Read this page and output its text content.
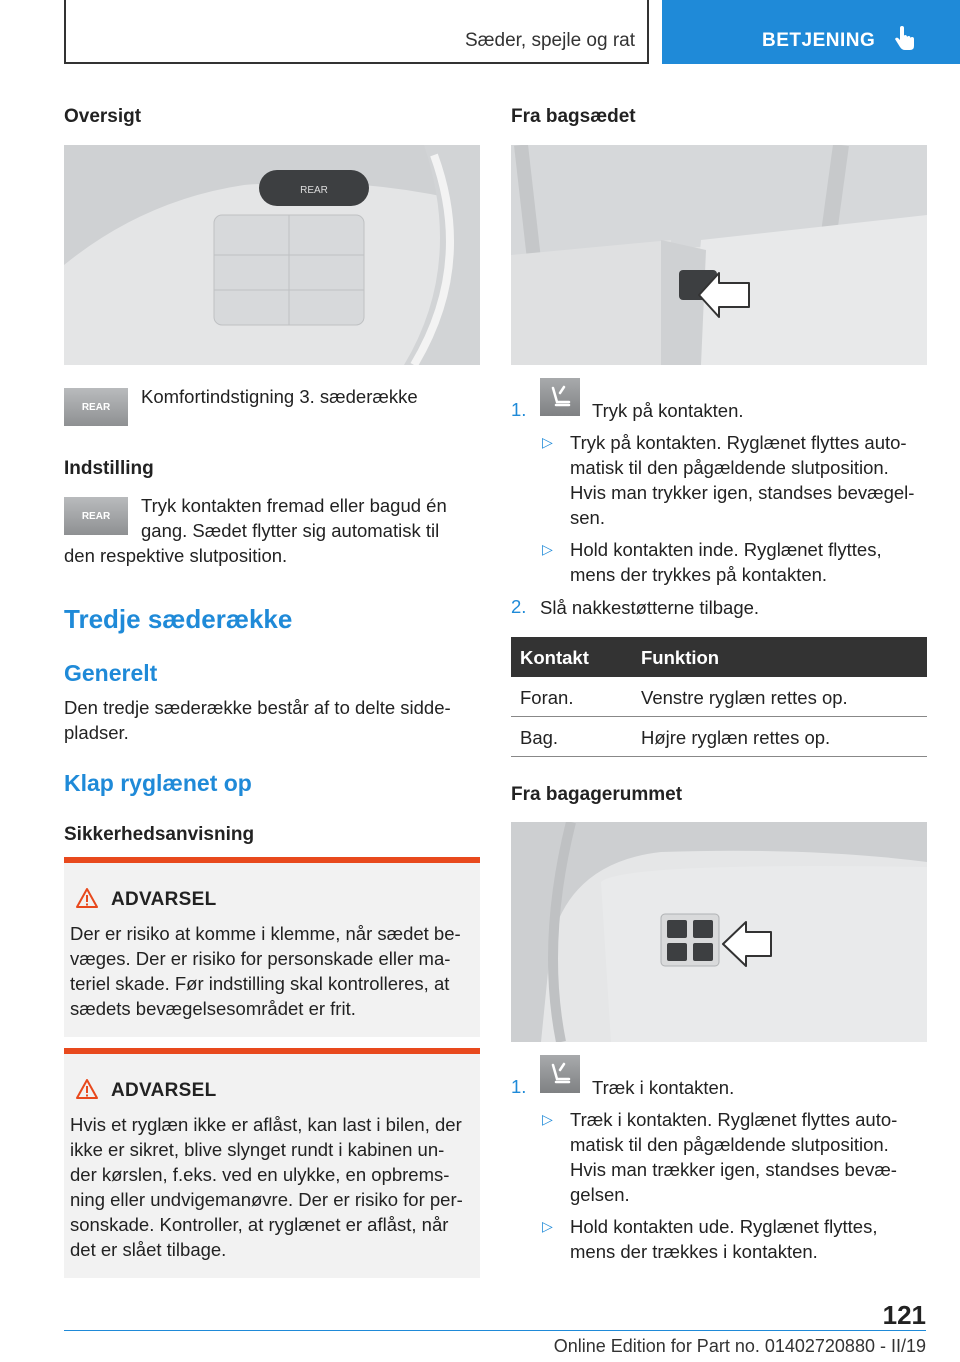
Sæder, spejle og rat	BETJENING
Oversigt
REAR
REAR Komfortindstigning 3. sæderække
Indstilling
REAR Tryk kontakten fremad eller bagud én
gang. Sædet flytter sig automatisk til
den respektive slutposition.
Tredje sæderække
Generelt
Den tredje sæderække består af to delte sidde-
pladser.
Klap ryglænet op
Sikkerhedsanvisning
ADVARSEL
Der er risiko at komme i klemme, når sædet be-
væges. Der er risiko for personskade eller ma-
teriel skade. Før indstilling skal kontrolleres, at
sædets bevægelsesområdet er frit.
ADVARSEL
Hvis et ryglæn ikke er aflåst, kan last i bilen, der
ikke er sikret, blive slynget rundt i kabinen un-
der kørslen, f.eks. ved en ulykke, en opbrems-
ning eller undvigemanøvre. Der er risiko for per-
sonskade. Kontroller, at ryglænet er aflåst, når
det er slået tilbage.
Fra bagsædet
1.	Tryk på kontakten.
▷ Tryk på kontakten. Ryglænet flyttes auto-
matisk til den pågældende slutposition.
Hvis man trykker igen, standses bevægel-
sen.
▷ Hold kontakten inde. Ryglænet flyttes,
mens der trykkes på kontakten.
2. Slå nakkestøtterne tilbage.
Kontakt	Funktion
Foran.	Venstre ryglæn rettes op.
Bag.	Højre ryglæn rettes op.
Fra bagagerummet
1.	Træk i kontakten.
▷ Træk i kontakten. Ryglænet flyttes auto-
matisk til den pågældende slutposition.
Hvis man trækker igen, standses bevæ-
gelsen.
▷ Hold kontakten ude. Ryglænet flyttes,
mens der trækkes i kontakten.
121
Online Edition for Part no. 01402720880 - II/19
